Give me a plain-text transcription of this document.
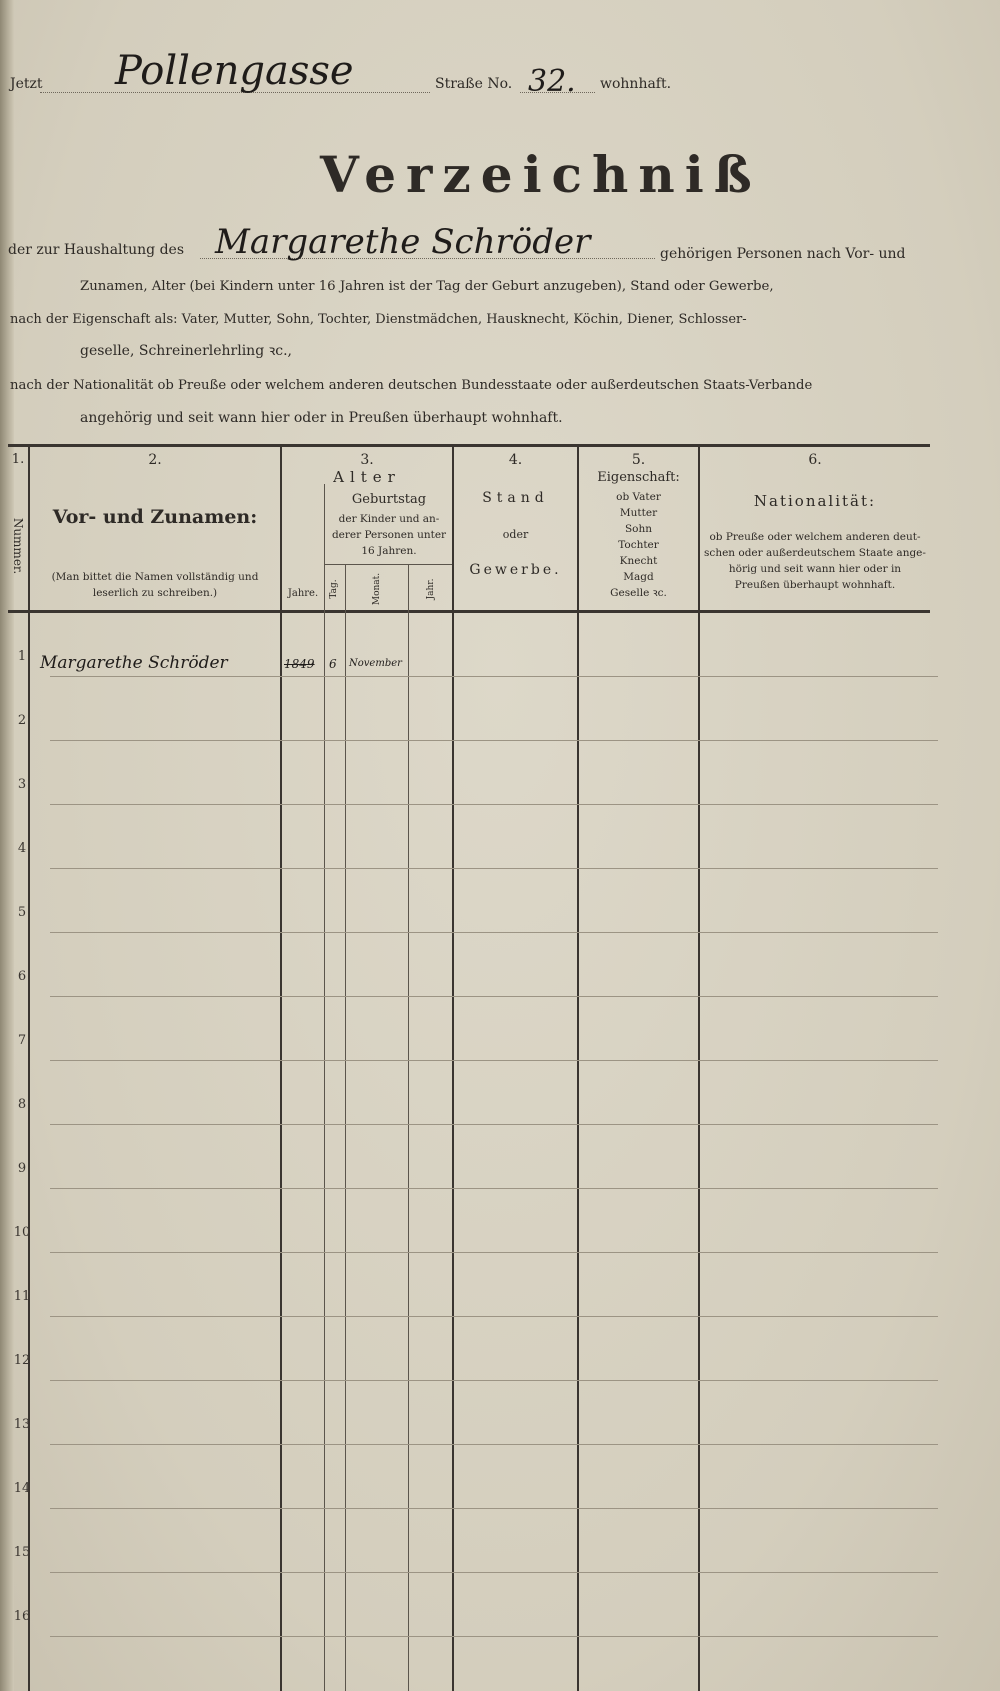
Jetzt Pollengasse	Straße No. 32. wohnhaft.
Verzeichniß
der zur Haushaltung des Margarethe Schröder	gehörigen Personen nach Vor- und
Zunamen, Alter (bei Kindern unter 16 Jahren ist der Tag der Geburt anzugeben), Stand oder Gewerbe,
nach der Eigenschaft als: Vater, Mutter, Sohn, Tochter, Dienstmädchen, Hausknecht, Köchin, Diener, Schlosser-
geselle, Schreinerlehrling ꝛc.,
nach der Nationalität ob Preuße oder welchem anderen deutschen Bundesstaate oder außerdeutschen Staats-Verbande
angehörig und seit wann hier oder in Preußen überhaupt wohnhaft.
1.
Nummer.
2.
Vor- und Zunamen:
(Man bittet die Namen vollständig und
leserlich zu schreiben.)
3.
Alter
Geburtstag
der Kinder und an-
derer Personen unter
16 Jahren.
Jahre.	Tag.	Monat.	Jahr.
4.
Stand
oder
Gewerbe.
5.
Eigenschaft:
ob Vater
Mutter
Sohn
Tochter
Knecht
Magd
Geselle ꝛc.
6.
Nationalität:
ob Preuße oder welchem anderen deut-
schen oder außerdeutschem Staate ange-
hörig und seit wann hier oder in
Preußen überhaupt wohnhaft.
1 Margarethe Schröder	1849 6 November
2
3
4
5
6
7
8
9
10
11
12
13
14
15
16
